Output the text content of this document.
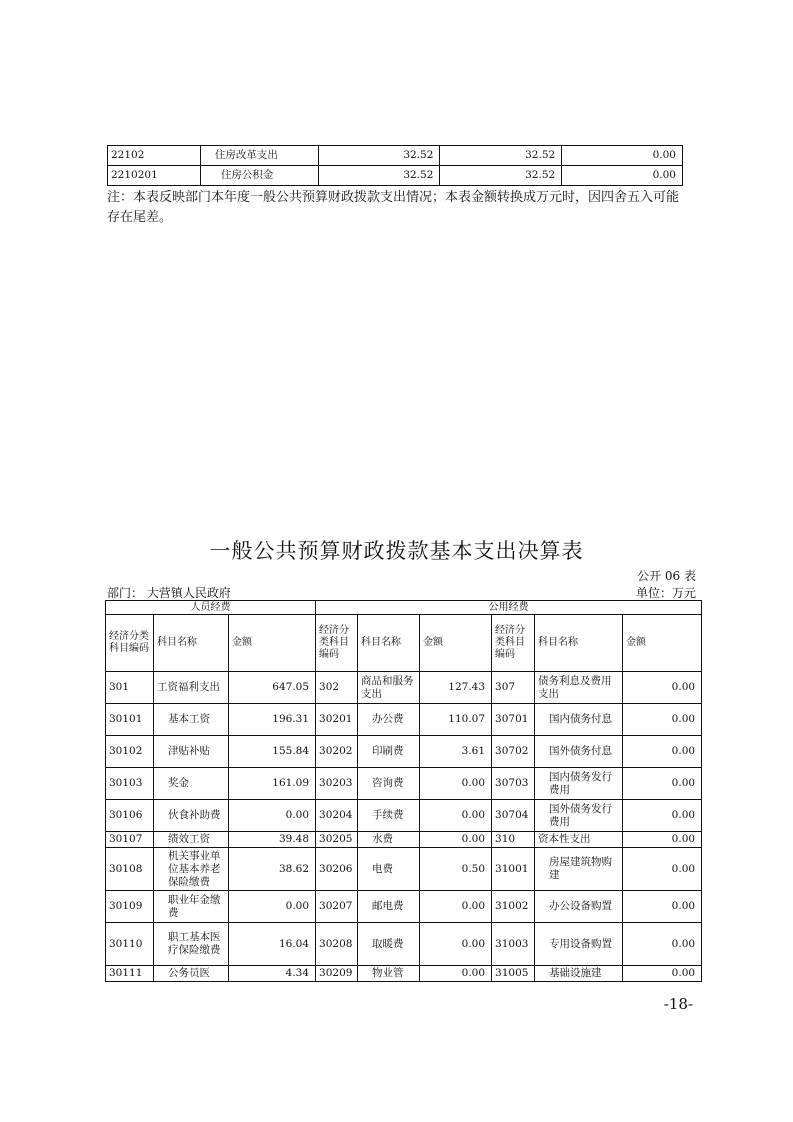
22102	住房改革支出	32.52	32.52	0.00
2210201	住房公积金	32.52	32.52	0.00
注：本表反映部门本年度一般公共预算财政拨款支出情况；本表金额转换成万元时，因四舍五入可能存在尾差。
一般公共预算财政拨款基本支出决算表
公开 06 表
部门： 大营镇人民政府	单位：万元
人员经费			公用经费					
经济分类科目编码	科目名称	金额	经济分类科目编码	科目名称	金额	经济分类科目编码	科目名称	金额
301	工资福利支出	647.05	302	商品和服务支出	127.43	307	债务利息及费用支出	0.00
30101	基本工资	196.31	30201	办公费	110.07	30701	国内债务付息	0.00
30102	津贴补贴	155.84	30202	印刷费	3.61	30702	国外债务付息	0.00
30103	奖金	161.09	30203	咨询费	0.00	30703	国内债务发行费用	0.00
30106	伙食补助费	0.00	30204	手续费	0.00	30704	国外债务发行费用	0.00
30107	绩效工资	39.48	30205	水费	0.00	310	资本性支出	0.00
30108	机关事业单位基本养老保险缴费	38.62	30206	电费	0.50	31001	房屋建筑物购建	0.00
30109	职业年金缴费	0.00	30207	邮电费	0.00	31002	办公设备购置	0.00
30110	职工基本医疗保险缴费	16.04	30208	取暖费	0.00	31003	专用设备购置	0.00
30111	公务员医	4.34	30209	物业管	0.00	31005	基础设施建	0.00
-18-
